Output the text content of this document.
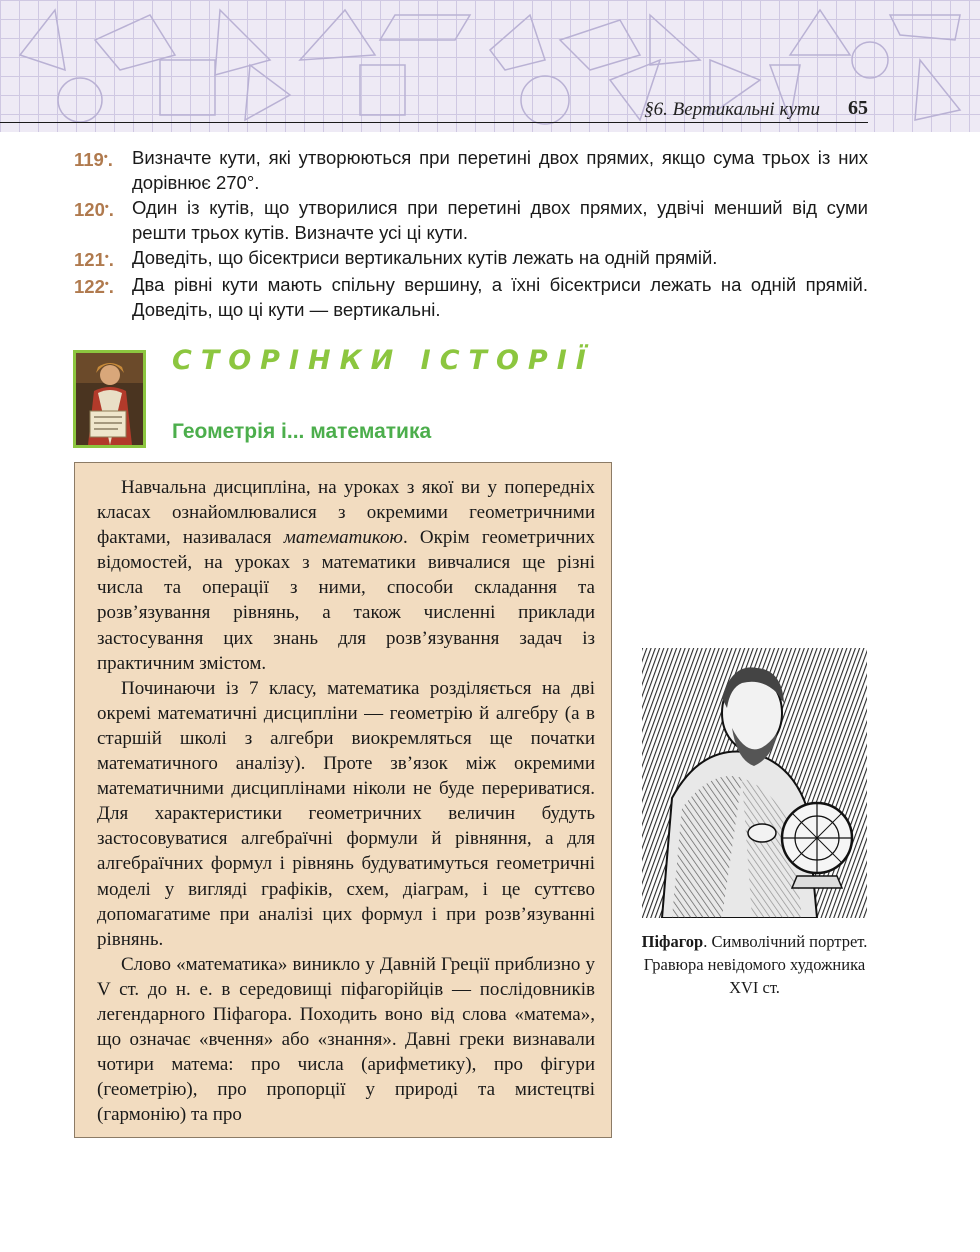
§6. Вертикальні кути 65
119•.	Визначте кути, які утворюються при перетині двох прямих, якщо сума трьох із них дорівнює 270°.
120•. Один із кутів, що утворилися при перетині двох прямих, удвічі менший від суми решти трьох кутів. Визначте усі ці кути.
121•. Доведіть, що бісектриси вертикальних кутів лежать на одній прямій.
122•. Два рівні кути мають спільну вершину, а їхні бісектриси лежать на одній прямій. Доведіть, що ці кути — вертикальні.
СТОРІНКИ ІСТОРІЇ
Геометрія і... математика

Навчальна дисципліна, на уроках з якої ви у попередніх класах ознайомлювалися з окремими геометричними фактами, називалася математикою. Окрім геометричних відомостей, на уроках з математики вивчалися ще різні числа та операції з ними, способи складання та розв’язування рівнянь, а також численні приклади застосування цих знань для розв’язування задач із практичним змістом.

Починаючи із 7 класу, математика розділяється на дві окремі математичні дисципліни — геометрію й алгебру (а в старшій школі з алгебри виокремляться ще початки математичного аналізу). Проте зв’язок між окремими математичними дисциплінами ніколи не буде перериватися. Для характеристики геометричних величин будуть застосовуватися алгебраїчні формули й рівняння, а для алгебраїчних формул і рівнянь будуватимуться геометричні моделі у вигляді графіків, схем, діаграм, і це суттєво допомагатиме при аналізі цих формул і при розв’язуванні рівнянь.

Слово «математика» виникло у Давній Греції приблизно у V ст. до н. е. в середовищі піфагорійців — послідовників легендарного Піфагора. Походить воно від слова «матема», що означає «вчення» або «знання». Давні греки визнавали чотири матема: про числа (арифметику), про фігури (геометрію), про пропорції у природі та мистецтві (гармонію) та про

Піфагор. Символічний портрет. Гравюра невідомого художника XVI ст.
